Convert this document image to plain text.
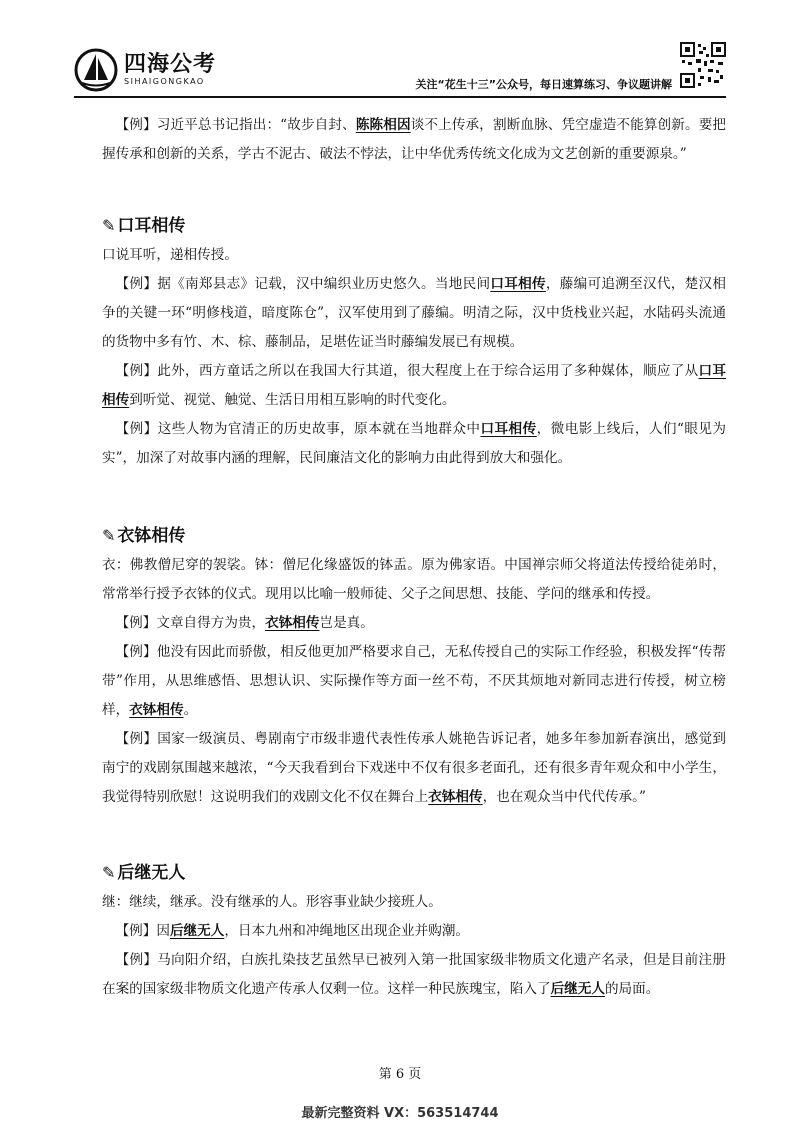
四海公考
SIHAIGONGKAO	关注“花生十三”公众号，每日速算练习、争议题讲解

【例】习近平总书记指出：“故步自封、陈陈相因谈不上传承，割断血脉、凭空虚造不能算创新。要把握传承和创新的关系，学古不泥古、破法不悖法，让中华优秀传统文化成为文艺创新的重要源泉。”

✎ 口耳相传

口说耳听，递相传授。

【例】据《南郑县志》记载，汉中编织业历史悠久。当地民间口耳相传，藤编可追溯至汉代，楚汉相争的关键一环“明修栈道，暗度陈仓”，汉军使用到了藤编。明清之际，汉中货栈业兴起，水陆码头流通的货物中多有竹、木、棕、藤制品，足堪佐证当时藤编发展已有规模。

【例】此外，西方童话之所以在我国大行其道，很大程度上在于综合运用了多种媒体，顺应了从口耳相传到听觉、视觉、触觉、生活日用相互影响的时代变化。

【例】这些人物为官清正的历史故事，原本就在当地群众中口耳相传，微电影上线后，人们“眼见为实”，加深了对故事内涵的理解，民间廉洁文化的影响力由此得到放大和强化。

✎ 衣钵相传

衣：佛教僧尼穿的袈裟。钵：僧尼化缘盛饭的钵盂。原为佛家语。中国禅宗师父将道法传授给徒弟时，常常举行授予衣钵的仪式。现用以比喻一般师徒、父子之间思想、技能、学问的继承和传授。

【例】文章自得方为贵，衣钵相传岂是真。

【例】他没有因此而骄傲，相反他更加严格要求自己，无私传授自己的实际工作经验，积极发挥“传帮带”作用，从思维感悟、思想认识、实际操作等方面一丝不苟，不厌其烦地对新同志进行传授，树立榜样，衣钵相传。

【例】国家一级演员、粤剧南宁市级非遗代表性传承人姚艳告诉记者，她多年参加新春演出，感觉到南宁的戏剧氛围越来越浓，“今天我看到台下戏迷中不仅有很多老面孔，还有很多青年观众和中小学生，我觉得特别欣慰！这说明我们的戏剧文化不仅在舞台上衣钵相传，也在观众当中代代传承。”

✎ 后继无人

继：继续，继承。没有继承的人。形容事业缺少接班人。

【例】因后继无人，日本九州和冲绳地区出现企业并购潮。

【例】马向阳介绍，白族扎染技艺虽然早已被列入第一批国家级非物质文化遗产名录，但是目前注册在案的国家级非物质文化遗产传承人仅剩一位。这样一种民族瑰宝，陷入了后继无人的局面。

第 6 页
最新完整资料 VX：563514744
